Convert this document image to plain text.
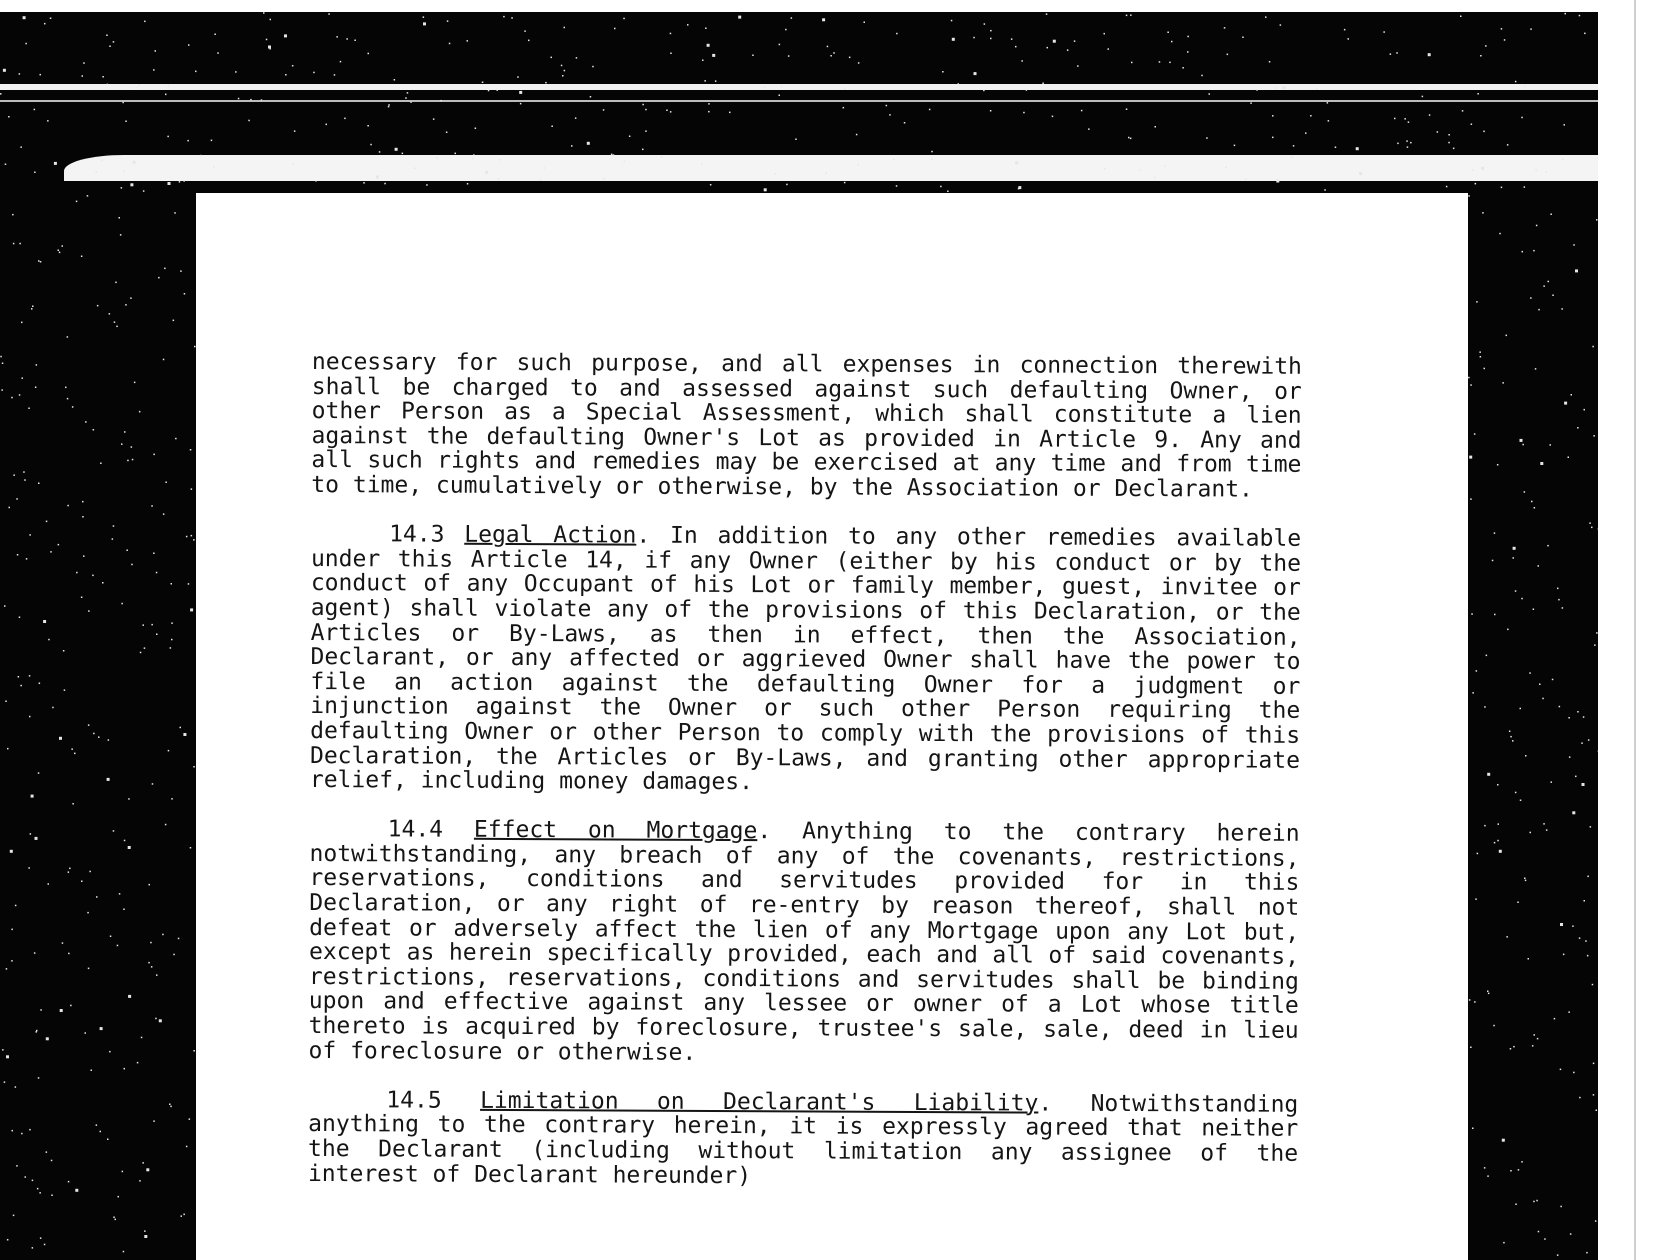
necessary for such purpose, and all expenses in connection therewith shall be charged to and assessed against such defaulting Owner, or other Person as a Special Assessment, which shall constitute a lien against the defaulting Owner's Lot as provided in Article 9. Any and all such rights and remedies may be exercised at any time and from time to time, cumulatively or otherwise, by the Association or Declarant.

14.3 Legal Action. In addition to any other remedies available under this Article 14, if any Owner (either by his conduct or by the conduct of any Occupant of his Lot or family member, guest, invitee or agent) shall violate any of the provisions of this Declaration, or the Articles or By-Laws, as then in effect, then the Association, Declarant, or any affected or aggrieved Owner shall have the power to file an action against the defaulting Owner for a judgment or injunction against the Owner or such other Person requiring the defaulting Owner or other Person to comply with the provisions of this Declaration, the Articles or By-Laws, and granting other appropriate relief, including money damages.

14.4 Effect on Mortgage. Anything to the contrary herein notwithstanding, any breach of any of the covenants, restrictions, reservations, conditions and servitudes provided for in this Declaration, or any right of re-entry by reason thereof, shall not defeat or adversely affect the lien of any Mortgage upon any Lot but, except as herein specifically provided, each and all of said covenants, restrictions, reservations, conditions and servitudes shall be binding upon and effective against any lessee or owner of a Lot whose title thereto is acquired by foreclosure, trustee's sale, sale, deed in lieu of foreclosure or otherwise.

14.5 Limitation on Declarant's Liability. Notwithstanding anything to the contrary herein, it is expressly agreed that neither the Declarant (including without limitation any assignee of the interest of Declarant hereunder)
